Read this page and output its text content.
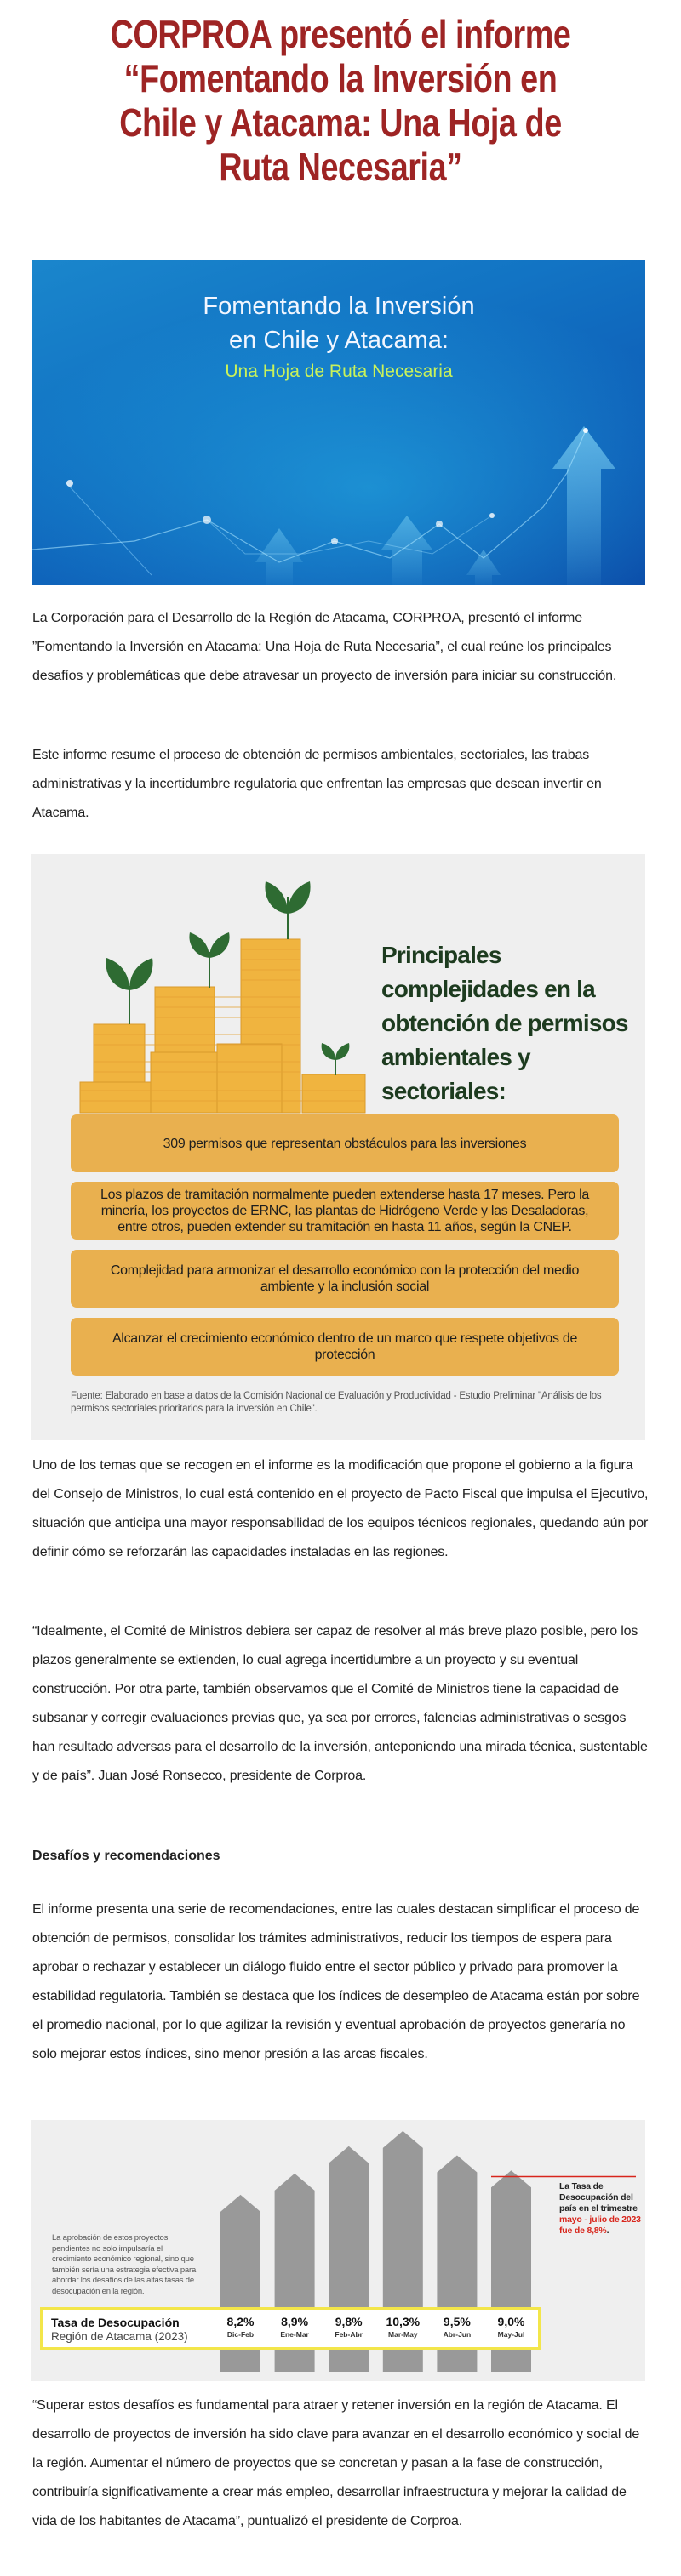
CORPROA presentó el informe “Fomentando la Inversión en Chile y Atacama: Una Hoja de Ruta Necesaria”
Fomentando la Inversión
en Chile y Atacama:
Una Hoja de Ruta Necesaria

La Corporación para el Desarrollo de la Región de Atacama, CORPROA, presentó el informe ”Fomentando la Inversión en Atacama: Una Hoja de Ruta Necesaria”, el cual reúne los principales desafíos y problemáticas que debe atravesar un proyecto de inversión para iniciar su construcción.

Este informe resume el proceso de obtención de permisos ambientales, sectoriales, las trabas administrativas y la incertidumbre regulatoria que enfrentan las empresas que desean invertir en Atacama.

Principales complejidades en la obtención de permisos ambientales y sectoriales:
309 permisos que representan obstáculos para las inversiones
Los plazos de tramitación normalmente pueden extenderse hasta 17 meses. Pero la minería, los proyectos de ERNC, las plantas de Hidrógeno Verde y las Desaladoras, entre otros, pueden extender su tramitación en hasta 11 años, según la CNEP.
Complejidad para armonizar el desarrollo económico con la protección del medio ambiente y la inclusión social
Alcanzar el crecimiento económico dentro de un marco que respete objetivos de protección
Fuente: Elaborado en base a datos de la Comisión Nacional de Evaluación y Productividad - Estudio Preliminar "Análisis de los permisos sectoriales prioritarios para la inversión en Chile".

Uno de los temas que se recogen en el informe es la modificación que propone el gobierno a la figura del Consejo de Ministros, lo cual está contenido en el proyecto de Pacto Fiscal que impulsa el Ejecutivo, situación que anticipa una mayor responsabilidad de los equipos técnicos regionales, quedando aún por definir cómo se reforzarán las capacidades instaladas en las regiones.

“Idealmente, el Comité de Ministros debiera ser capaz de resolver al más breve plazo posible, pero los plazos generalmente se extienden, lo cual agrega incertidumbre a un proyecto y su eventual construcción. Por otra parte, también observamos que el Comité de Ministros tiene la capacidad de subsanar y corregir evaluaciones previas que, ya sea por errores, falencias administrativas o sesgos han resultado adversas para el desarrollo de la inversión, anteponiendo una mirada técnica, sustentable y de país”. Juan José Ronsecco, presidente de Corproa.

Desafíos y recomendaciones

El informe presenta una serie de recomendaciones, entre las cuales destacan simplificar el proceso de obtención de permisos, consolidar los trámites administrativos, reducir los tiempos de espera para aprobar o rechazar y establecer un diálogo fluido entre el sector público y privado para promover la estabilidad regulatoria. También se destaca que los índices de desempleo de Atacama están por sobre el promedio nacional, por lo que agilizar la revisión y eventual aprobación de proyectos generaría no solo mejorar estos índices, sino menor presión a las arcas fiscales.

La aprobación de estos proyectos pendientes no solo impulsaría el crecimiento económico regional, sino que también sería una estrategia efectiva para abordar los desafíos de las altas tasas de desocupación en la región.
La Tasa de Desocupación del país en el trimestre mayo - julio de 2023 fue de 8,8%.
Tasa de Desocupación
Región de Atacama (2023)
8,2%
Dic-Feb
8,9%
Ene-Mar
9,8%
Feb-Abr
10,3%
Mar-May
9,5%
Abr-Jun
9,0%
May-Jul

“Superar estos desafíos es fundamental para atraer y retener inversión en la región de Atacama. El desarrollo de proyectos de inversión ha sido clave para avanzar en el desarrollo económico y social de la región. Aumentar el número de proyectos que se concretan y pasan a la fase de construcción, contribuiría significativamente a crear más empleo, desarrollar infraestructura y mejorar la calidad de vida de los habitantes de Atacama”, puntualizó el presidente de Corproa.
